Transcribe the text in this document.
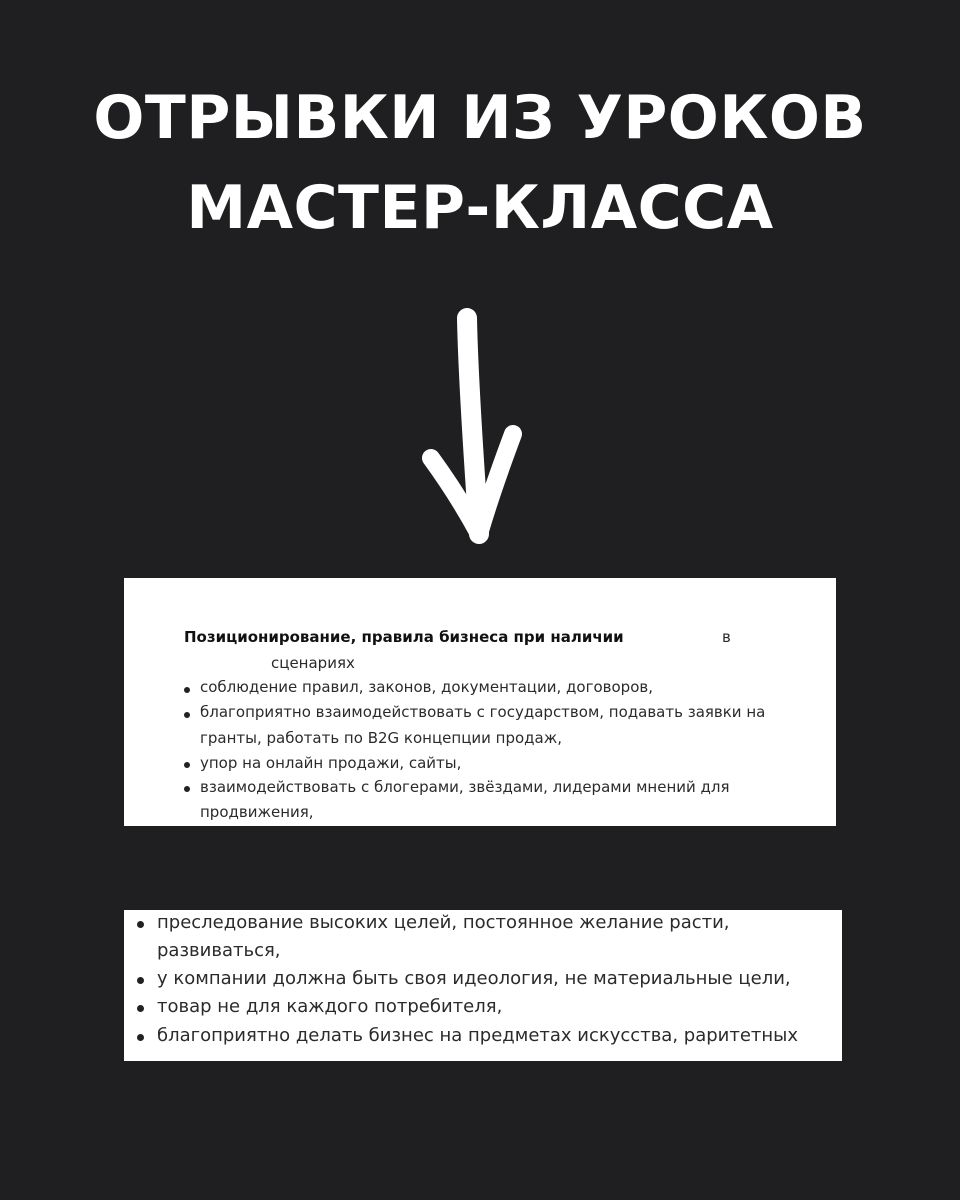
ОТРЫВКИ ИЗ УРОКОВ
МАСТЕР-КЛАССА
Позиционирование, правила бизнеса при наличии	в
сценариях
соблюдение правил, законов, документации, договоров,
благоприятно взаимодействовать с государством, подавать заявки на
гранты, работать по B2G концепции продаж,
упор на онлайн продажи, сайты,
взаимодействовать с блогерами, звёздами, лидерами мнений для
продвижения,
преследование высоких целей, постоянное желание расти,
развиваться,
у компании должна быть своя идеология, не материальные цели,
товар не для каждого потребителя,
благоприятно делать бизнес на предметах искусства, раритетных
